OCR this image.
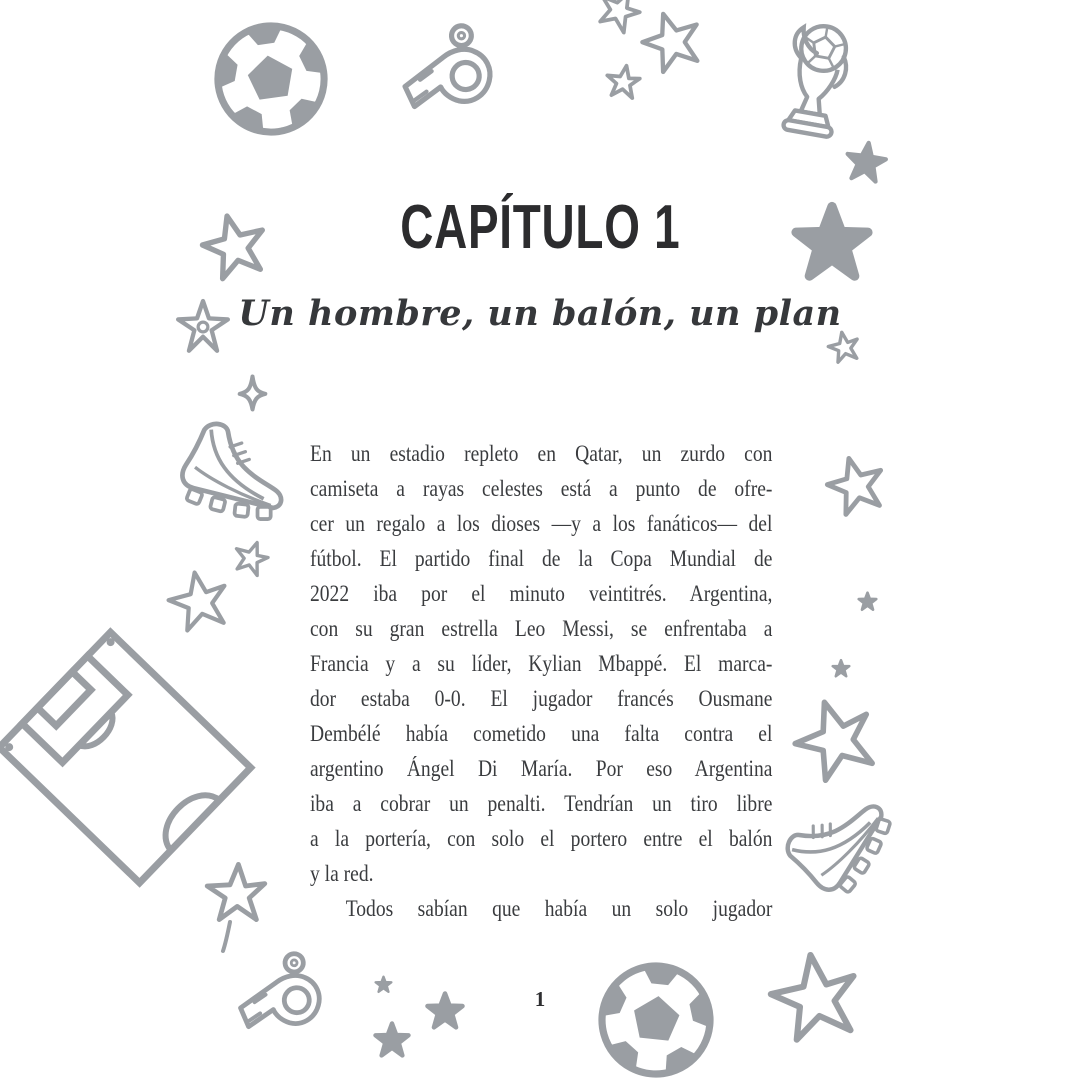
CAPÍTULO 1
Un hombre, un balón, un plan
En un estadio repleto en Qatar, un zurdo con
camiseta a rayas celestes está a punto de ofre-
cer un regalo a los dioses —y a los fanáticos— del
fútbol. El partido final de la Copa Mundial de
2022 iba por el minuto veintitrés. Argentina,
con su gran estrella Leo Messi, se enfrentaba a
Francia y a su líder, Kylian Mbappé. El marca-
dor estaba 0-0. El jugador francés Ousmane
Dembélé había cometido una falta contra el
argentino Ángel Di María. Por eso Argentina
iba a cobrar un penalti. Tendrían un tiro libre
a la portería, con solo el portero entre el balón
y la red.
Todos sabían que había un solo jugador
1
